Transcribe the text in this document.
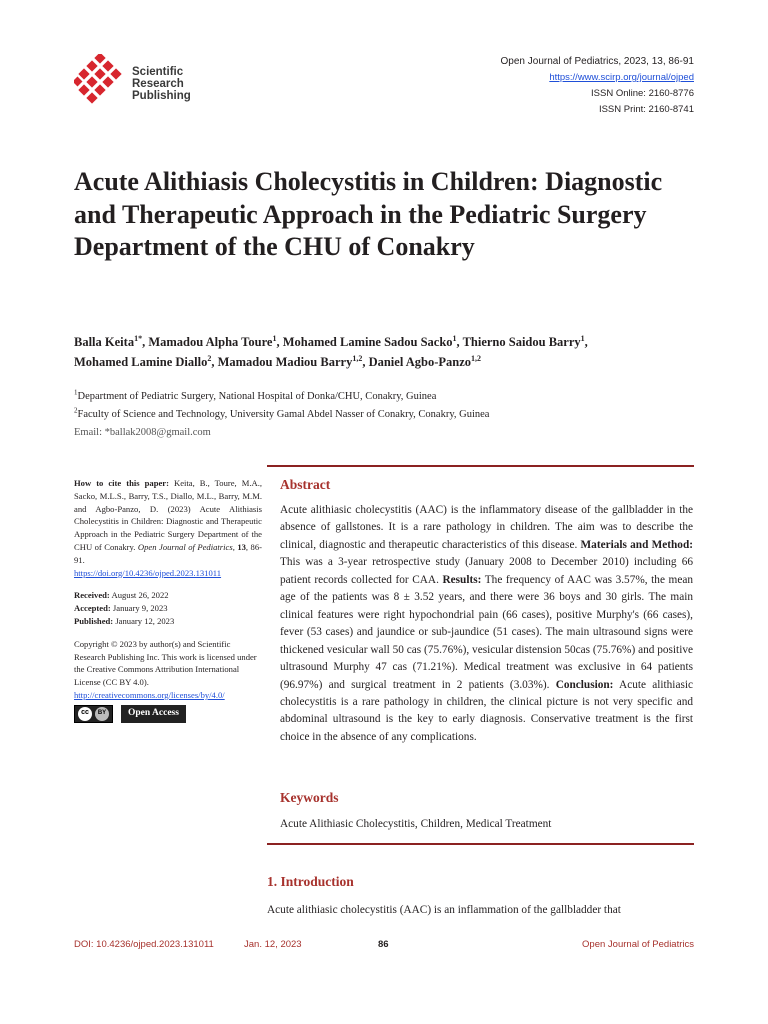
Scientific
Research
Publishing
Open Journal of Pediatrics, 2023, 13, 86-91
https://www.scirp.org/journal/ojped
ISSN Online: 2160-8776
ISSN Print: 2160-8741
Acute Alithiasis Cholecystitis in Children: Diagnostic and Therapeutic Approach in the Pediatric Surgery Department of the CHU of Conakry
Balla Keita$^{1*}$, Mamadou Alpha Toure$^1$, Mohamed Lamine Sadou Sacko$^1$, Thierno Saidou Barry$^1$,
Mohamed Lamine Diallo$^2$, Mamadou Madiou Barry$^{1,2}$, Daniel Agbo-Panzo$^{1,2}$
$^1$Department of Pediatric Surgery, National Hospital of Donka/CHU, Conakry, Guinea
$^2$Faculty of Science and Technology, University Gamal Abdel Nasser of Conakry, Conakry, Guinea
Email: *ballak2008@gmail.com
How to cite this paper: Keita, B., Toure, M.A., Sacko, M.L.S., Barry, T.S., Diallo, M.L., Barry, M.M. and Agbo-Panzo, D. (2023) Acute Alithiasis Cholecystitis in Children: Diagnostic and Therapeutic Approach in the Pediatric Surgery Department of the CHU of Conakry. Open Journal of Pediatrics, 13, 86-91.
https://doi.org/10.4236/ojped.2023.131011
Received: August 26, 2022
Accepted: January 9, 2023
Published: January 12, 2023
Copyright © 2023 by author(s) and Scientific Research Publishing Inc. This work is licensed under the Creative Commons Attribution International License (CC BY 4.0).
http://creativecommons.org/licenses/by/4.0/
cc	BY	Open Access
Abstract
Acute alithiasic cholecystitis (AAC) is the inflammatory disease of the gallbladder in the absence of gallstones. It is a rare pathology in children. The aim was to describe the clinical, diagnostic and therapeutic characteristics of this disease. Materials and Method: This was a 3-year retrospective study (January 2008 to December 2010) including 66 patient records collected for CAA. Results: The frequency of AAC was 3.57%, the mean age of the patients was 8 ± 3.52 years, and there were 36 boys and 30 girls. The main clinical features were right hypochondrial pain (66 cases), positive Murphy's (66 cases), fever (53 cases) and jaundice or sub-jaundice (51 cases). The main ultrasound signs were thickened vesicular wall 50 cas (75.76%), vesicular distension 50cas (75.76%) and positive ultrasound Murphy 47 cas (71.21%). Medical treatment was exclusive in 64 patients (96.97%) and surgical treatment in 2 patients (3.03%). Conclusion: Acute alithiasic cholecystitis is a rare pathology in children, the clinical picture is not very specific and abdominal ultrasound is the key to early diagnosis. Conservative treatment is the first choice in the absence of any complications.
Keywords
Acute Alithiasic Cholecystitis, Children, Medical Treatment
1. Introduction
Acute alithiasic cholecystitis (AAC) is an inflammation of the gallbladder that
DOI: 10.4236/ojped.2023.131011	Jan. 12, 2023	86	Open Journal of Pediatrics
